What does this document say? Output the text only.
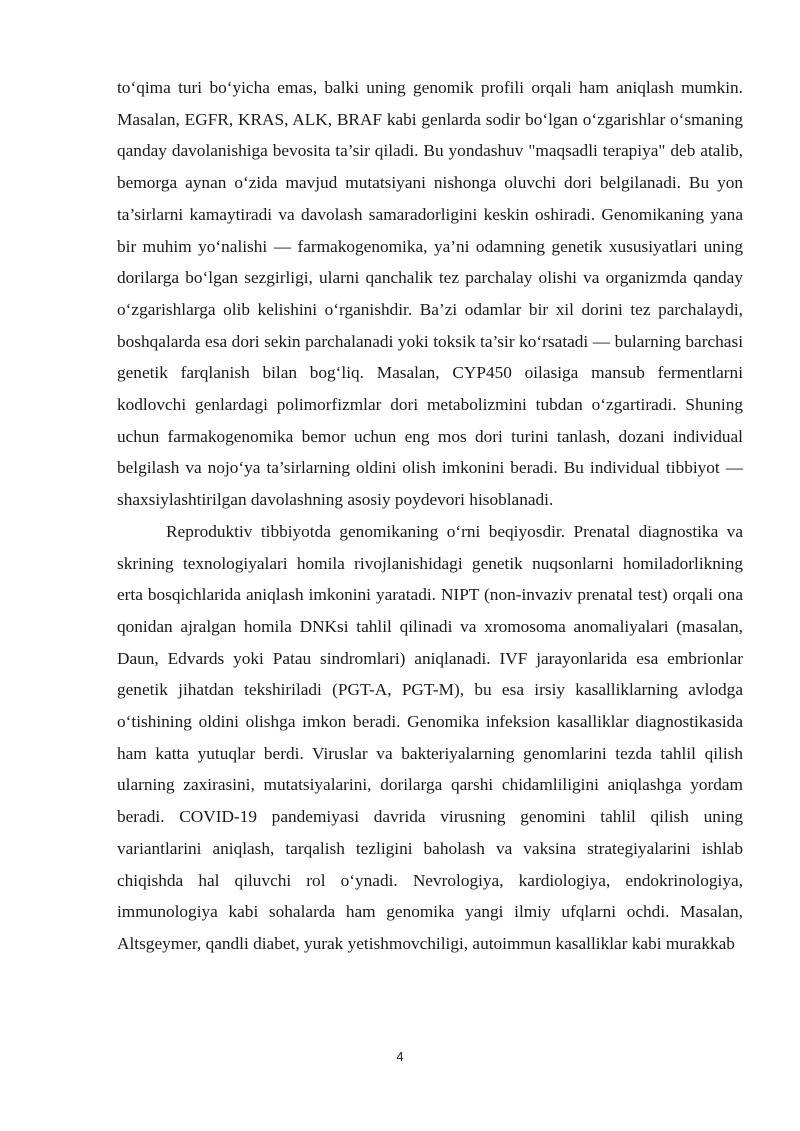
to‘qima turi bo‘yicha emas, balki uning genomik profili orqali ham aniqlash mumkin. Masalan, EGFR, KRAS, ALK, BRAF kabi genlarda sodir bo‘lgan o‘zgarishlar o‘smaning qanday davolanishiga bevosita ta’sir qiladi. Bu yondashuv "maqsadli terapiya" deb atalib, bemorga aynan o‘zida mavjud mutatsiyani nishonga oluvchi dori belgilanadi. Bu yon ta’sirlarni kamaytiradi va davolash samaradorligini keskin oshiradi. Genomikaning yana bir muhim yo‘nalishi — farmakogenomika, ya’ni odamning genetik xususiyatlari uning dorilarga bo‘lgan sezgirligi, ularni qanchalik tez parchalay olishi va organizmda qanday o‘zgarishlarga olib kelishini o‘rganishdir. Ba’zi odamlar bir xil dorini tez parchalaydi, boshqalarda esa dori sekin parchalanadi yoki toksik ta’sir ko‘rsatadi — bularning barchasi genetik farqlanish bilan bog‘liq. Masalan, CYP450 oilasiga mansub fermentlarni kodlovchi genlardagi polimorfizmlar dori metabolizmini tubdan o‘zgartiradi. Shuning uchun farmakogenomika bemor uchun eng mos dori turini tanlash, dozani individual belgilash va nojo‘ya ta’sirlarning oldini olish imkonini beradi. Bu individual tibbiyot — shaxsiylashtirilgan davolashning asosiy poydevori hisoblanadi.

Reproduktiv tibbiyotda genomikaning o‘rni beqiyosdir. Prenatal diagnostika va skrining texnologiyalari homila rivojlanishidagi genetik nuqsonlarni homiladorlikning erta bosqichlarida aniqlash imkonini yaratadi. NIPT (non-invaziv prenatal test) orqali ona qonidan ajralgan homila DNKsi tahlil qilinadi va xromosoma anomaliyalari (masalan, Daun, Edvards yoki Patau sindromlari) aniqlanadi. IVF jarayonlarida esa embrionlar genetik jihatdan tekshiriladi (PGT-A, PGT-M), bu esa irsiy kasalliklarning avlodga o‘tishining oldini olishga imkon beradi. Genomika infeksion kasalliklar diagnostikasida ham katta yutuqlar berdi. Viruslar va bakteriyalarning genomlarini tezda tahlil qilish ularning zaxirasini, mutatsiyalarini, dorilarga qarshi chidamliligini aniqlashga yordam beradi. COVID-19 pandemiyasi davrida virusning genomini tahlil qilish uning variantlarini aniqlash, tarqalish tezligini baholash va vaksina strategiyalarini ishlab chiqishda hal qiluvchi rol o‘ynadi. Nevrologiya, kardiologiya, endokrinologiya, immunologiya kabi sohalarda ham genomika yangi ilmiy ufqlarni ochdi. Masalan, Altsgeymer, qandli diabet, yurak yetishmovchiligi, autoimmun kasalliklar kabi murakkab

4
